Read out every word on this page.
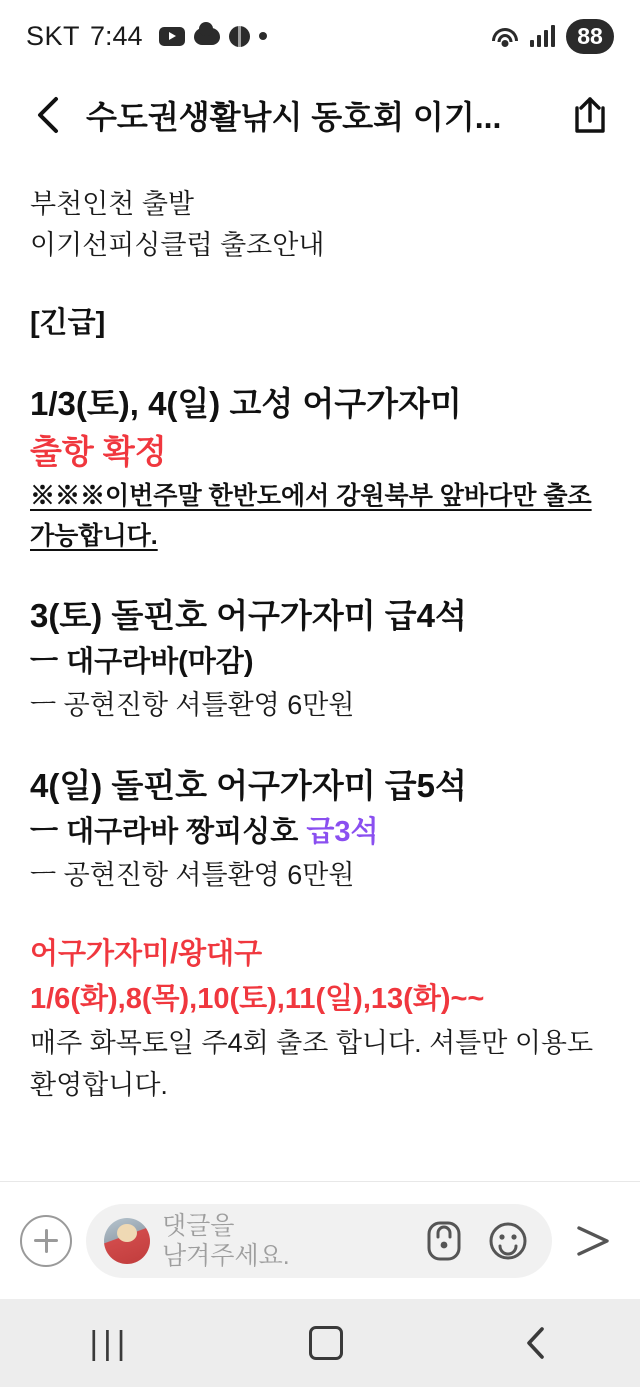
SKT 7:44	88
수도권생활낚시 동호회 이기...
부천인천 출발
이기선피싱클럽 출조안내
[긴급]
1/3(토), 4(일) 고성 어구가자미
출항 확정
※※※이번주말 한반도에서 강원북부 앞바다만 출조
가능합니다.
3(토) 돌핀호 어구가자미 급4석
ㅡ 대구라바(마감)
ㅡ 공현진항 셔틀환영 6만원
4(일) 돌핀호 어구가자미 급5석
ㅡ 대구라바 짱피싱호 급3석
ㅡ 공현진항 셔틀환영 6만원
어구가자미/왕대구
1/6(화),8(목),10(토),11(일),13(화)~~
매주 화목토일 주4회 출조 합니다. 셔틀만 이용도
환영합니다.
댓글을
남겨주세요.
|||
